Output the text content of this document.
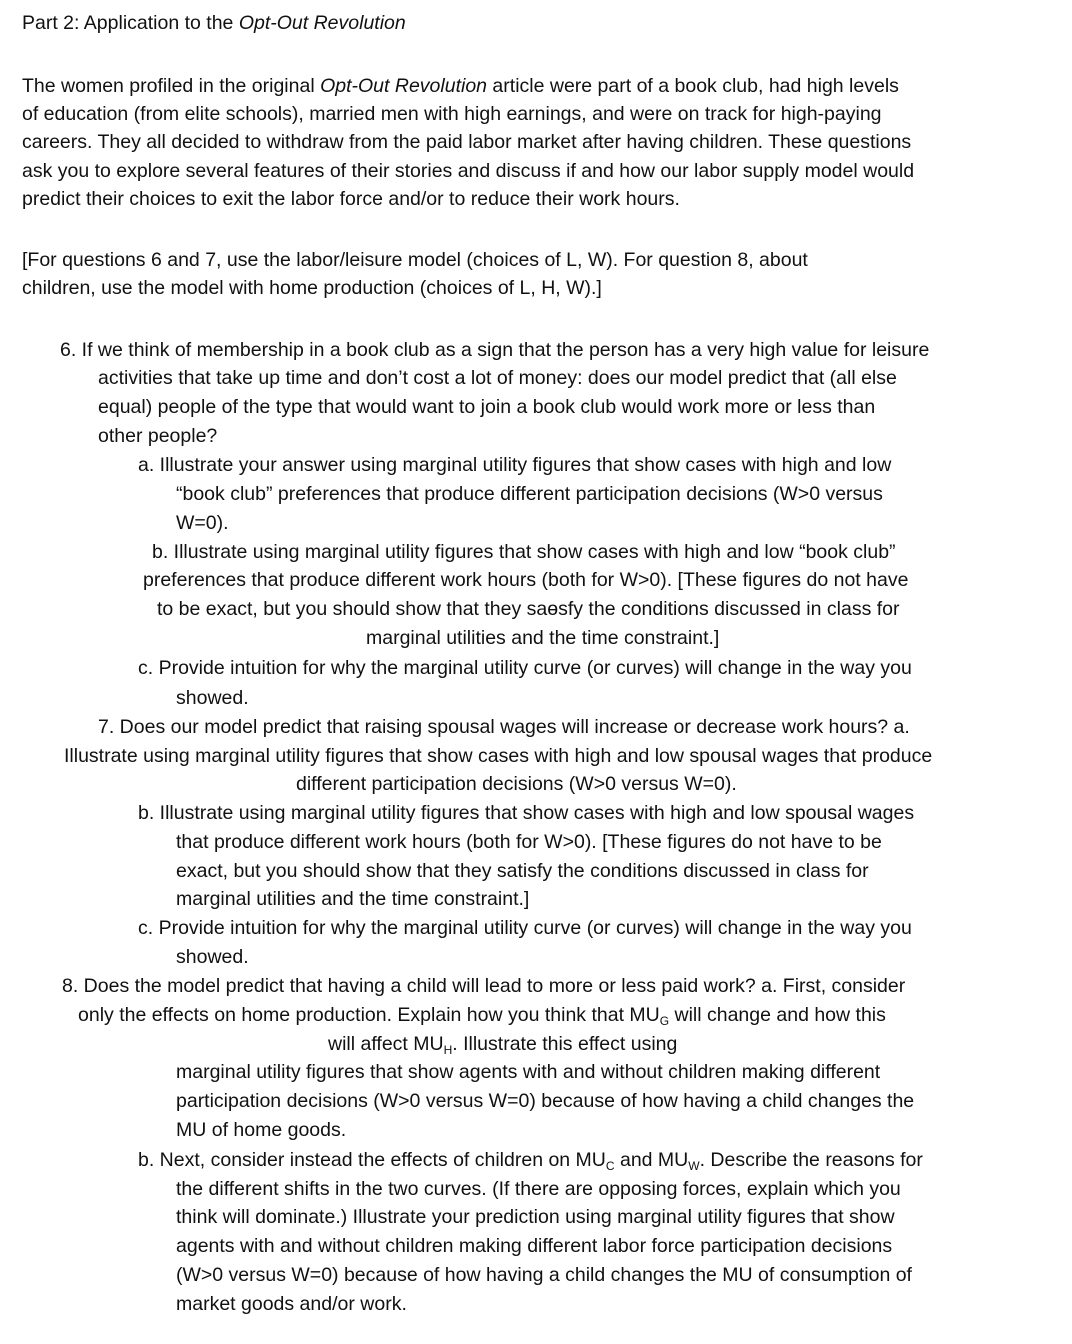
Part 2: Application to the Opt-Out Revolution
The women profiled in the original Opt-Out Revolution article were part of a book club, had high levels
of education (from elite schools), married men with high earnings, and were on track for high-paying
careers. They all decided to withdraw from the paid labor market after having children. These questions
ask you to explore several features of their stories and discuss if and how our labor supply model would
predict their choices to exit the labor force and/or to reduce their work hours.
[For questions 6 and 7, use the labor/leisure model (choices of L, W). For question 8, about
children, use the model with home production (choices of L, H, W).]
6. If we think of membership in a book club as a sign that the person has a very high value for leisure
activities that take up time and don’t cost a lot of money: does our model predict that (all else
equal) people of the type that would want to join a book club would work more or less than
other people?
a. Illustrate your answer using marginal utility figures that show cases with high and low
“book club” preferences that produce different participation decisions (W>0 versus
W=0).
b. Illustrate using marginal utility figures that show cases with high and low “book club”
preferences that produce different work hours (both for W>0). [These figures do not have
to be exact, but you should show that they saɵsfy the conditions discussed in class for
marginal utilities and the time constraint.]
c. Provide intuition for why the marginal utility curve (or curves) will change in the way you
showed.
7. Does our model predict that raising spousal wages will increase or decrease work hours? a.
Illustrate using marginal utility figures that show cases with high and low spousal wages that produce
different participation decisions (W>0 versus W=0).
b. Illustrate using marginal utility figures that show cases with high and low spousal wages
that produce different work hours (both for W>0). [These figures do not have to be
exact, but you should show that they satisfy the conditions discussed in class for
marginal utilities and the time constraint.]
c. Provide intuition for why the marginal utility curve (or curves) will change in the way you
showed.
8. Does the model predict that having a child will lead to more or less paid work? a. First, consider
only the effects on home production. Explain how you think that $MU_G$ will change and how this
will affect $MU_H$. Illustrate this effect using
marginal utility figures that show agents with and without children making different
participation decisions (W>0 versus W=0) because of how having a child changes the
MU of home goods.
b. Next, consider instead the effects of children on $MU_C$ and $MU_W$. Describe the reasons for
the different shifts in the two curves. (If there are opposing forces, explain which you
think will dominate.) Illustrate your prediction using marginal utility figures that show
agents with and without children making different labor force participation decisions
(W>0 versus W=0) because of how having a child changes the MU of consumption of
market goods and/or work.
